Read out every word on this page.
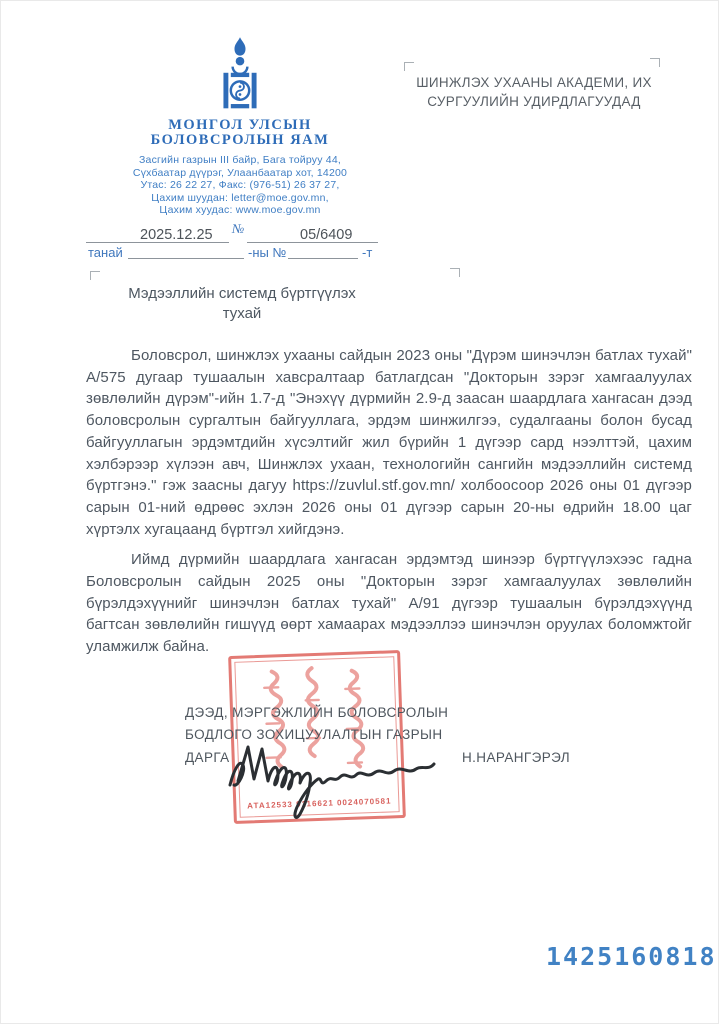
МОНГОЛ УЛСЫН
БОЛОВСРОЛЫН ЯАМ
Засгийн газрын III байр, Бага тойруу 44,
Сүхбаатар дүүрэг, Улаанбаатар хот, 14200
Утас: 26 22 27, Факс: (976-51) 26 37 27,
Цахим шуудан: letter@moe.gov.mn,
Цахим хуудас: www.moe.gov.mn
ШИНЖЛЭХ УХААНЫ АКАДЕМИ, ИХ
СУРГУУЛИЙН УДИРДЛАГУУДАД
2025.12.25 №	05/6409
танай	-ны №	-т
Мэдээллийн системд бүртгүүлэх
тухай

Боловсрол, шинжлэх ухааны сайдын 2023 оны "Дүрэм шинэчлэн батлах тухай" А/575 дугаар тушаалын хавсралтаар батлагдсан "Докторын зэрэг хамгаалуулах зөвлөлийн дүрэм"-ийн 1.7-д "Энэхүү дүрмийн 2.9-д заасан шаардлага хангасан дээд боловсролын сургалтын байгууллага, эрдэм шинжилгээ, судалгааны болон бусад байгууллагын эрдэмтдийн хүсэлтийг жил бүрийн 1 дүгээр сард нээлттэй, цахим хэлбэрээр хүлээн авч, Шинжлэх ухаан, технологийн сангийн мэдээллийн системд бүртгэнэ." гэж заасны дагуу https://zuvlul.stf.gov.mn/ холбоосоор 2026 оны 01 дүгээр сарын 01-ний өдрөөс эхлэн 2026 оны 01 дүгээр сарын 20-ны өдрийн 18.00 цаг хүртэлх хугацаанд бүртгэл хийгдэнэ.

Иймд дүрмийн шаардлага хангасан эрдэмтэд шинээр бүртгүүлэхээс гадна Боловсролын сайдын 2025 оны "Докторын зэрэг хамгаалуулах зөвлөлийн бүрэлдэхүүнийг шинэчлэн батлах тухай" А/91 дүгээр тушаалын бүрэлдэхүүнд багтсан зөвлөлийн гишүүд өөрт хамаарах мэдээллээ шинэчлэн оруулах боломжтойг уламжилж байна.

АТА12533 9116621 0024070581
ДЭЭД, МЭРГЭЖЛИЙН БОЛОВСРОЛЫН
БОДЛОГО ЗОХИЦУУЛАЛТЫН ГАЗРЫН
ДАРГА	Н.НАРАНГЭРЭЛ
1425160818
